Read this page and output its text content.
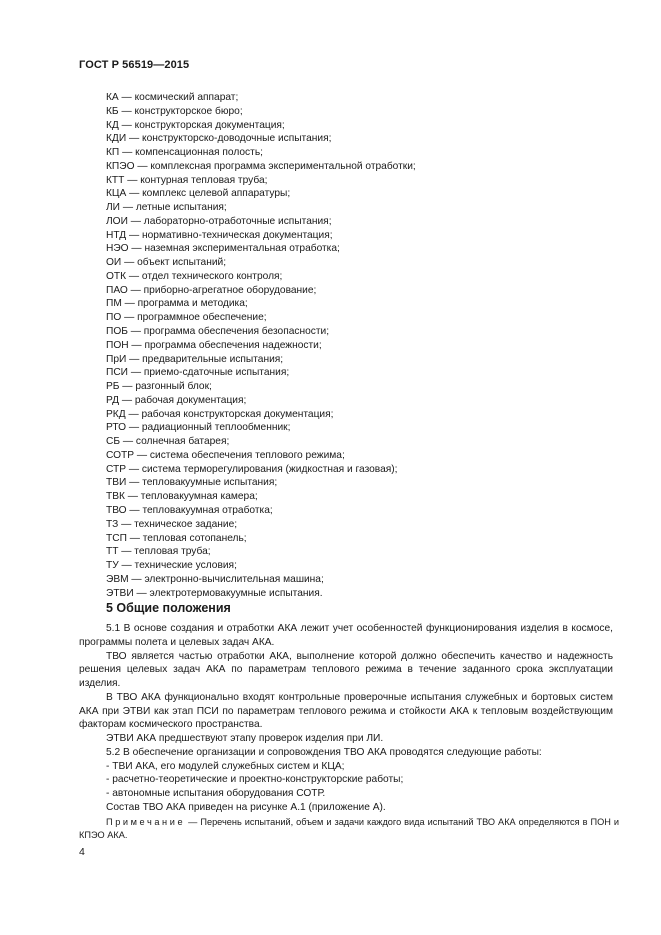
ГОСТ Р 56519—2015
КА — космический аппарат;
КБ — конструкторское бюро;
КД — конструкторская документация;
КДИ — конструкторско-доводочные испытания;
КП — компенсационная полость;
КПЭО — комплексная программа экспериментальной отработки;
КТТ — контурная тепловая труба;
КЦА — комплекс целевой аппаратуры;
ЛИ — летные испытания;
ЛОИ — лабораторно-отработочные испытания;
НТД — нормативно-техническая документация;
НЭО — наземная экспериментальная отработка;
ОИ — объект испытаний;
ОТК — отдел технического контроля;
ПАО — приборно-агрегатное оборудование;
ПМ — программа и методика;
ПО — программное обеспечение;
ПОБ — программа обеспечения безопасности;
ПОН — программа обеспечения надежности;
ПрИ — предварительные испытания;
ПСИ — приемо-сдаточные испытания;
РБ — разгонный блок;
РД — рабочая документация;
РКД — рабочая конструкторская документация;
РТО — радиационный теплообменник;
СБ — солнечная батарея;
СОТР — система обеспечения теплового режима;
СТР — система терморегулирования (жидкостная и газовая);
ТВИ — тепловакуумные испытания;
ТВК — тепловакуумная камера;
ТВО — тепловакуумная отработка;
ТЗ — техническое задание;
ТСП — тепловая сотопанель;
ТТ — тепловая труба;
ТУ — технические условия;
ЭВМ — электронно-вычислительная машина;
ЭТВИ — электротермовакуумные испытания.
5 Общие положения

5.1 В основе создания и отработки АКА лежит учет особенностей функционирования изделия в космосе, программы полета и целевых задач АКА.

ТВО является частью отработки АКА, выполнение которой должно обеспечить качество и надежность решения целевых задач АКА по параметрам теплового режима в течение заданного срока эксплуатации изделия.

В ТВО АКА функционально входят контрольные проверочные испытания служебных и бортовых систем АКА при ЭТВИ как этап ПСИ по параметрам теплового режима и стойкости АКА к тепловым воздействующим факторам космического пространства.

ЭТВИ АКА предшествуют этапу проверок изделия при ЛИ.

5.2 В обеспечение организации и сопровождения ТВО АКА проводятся следующие работы:

- ТВИ АКА, его модулей служебных систем и КЦА;

- расчетно-теоретические и проектно-конструкторские работы;

- автономные испытания оборудования СОТР.

Состав ТВО АКА приведен на рисунке А.1 (приложение А).

Примечание — Перечень испытаний, объем и задачи каждого вида испытаний ТВО АКА определяются в ПОН и КПЭО АКА.

4
